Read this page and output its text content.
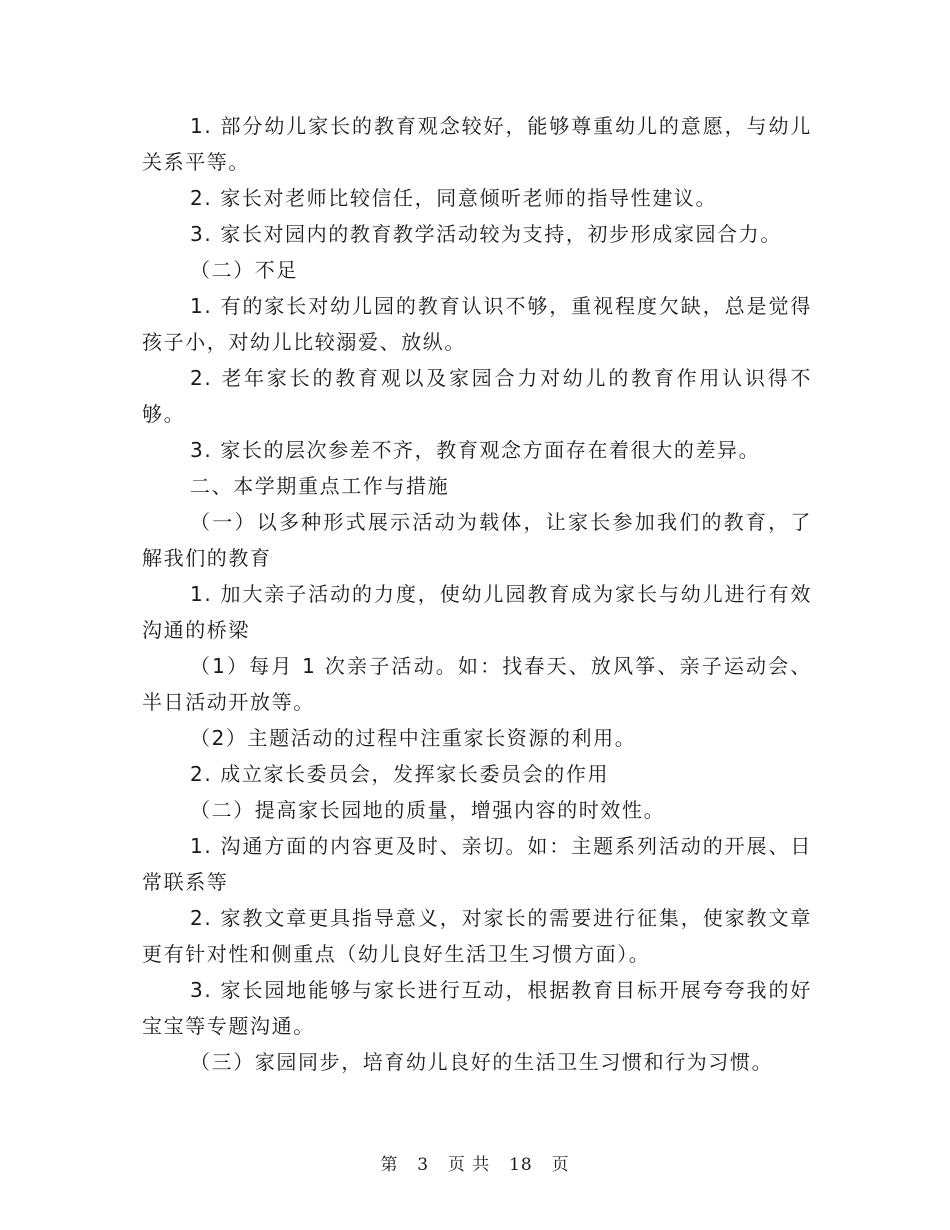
1. 部分幼儿家长的教育观念较好，能够尊重幼儿的意愿，与幼儿关系平等。

2. 家长对老师比较信任，同意倾听老师的指导性建议。

3. 家长对园内的教育教学活动较为支持，初步形成家园合力。

（二）不足

1. 有的家长对幼儿园的教育认识不够，重视程度欠缺，总是觉得孩子小，对幼儿比较溺爱、放纵。

2. 老年家长的教育观以及家园合力对幼儿的教育作用认识得不够。

3. 家长的层次参差不齐，教育观念方面存在着很大的差异。

二、本学期重点工作与措施

（一）以多种形式展示活动为载体，让家长参加我们的教育，了解我们的教育

1. 加大亲子活动的力度，使幼儿园教育成为家长与幼儿进行有效沟通的桥梁

（1）每月 1 次亲子活动。如：找春天、放风筝、亲子运动会、半日活动开放等。

（2）主题活动的过程中注重家长资源的利用。

2. 成立家长委员会，发挥家长委员会的作用

（二）提高家长园地的质量，增强内容的时效性。

1. 沟通方面的内容更及时、亲切。如：主题系列活动的开展、日常联系等

2. 家教文章更具指导意义，对家长的需要进行征集，使家教文章更有针对性和侧重点（幼儿良好生活卫生习惯方面）。

3. 家长园地能够与家长进行互动，根据教育目标开展夸夸我的好宝宝等专题沟通。

（三）家园同步，培育幼儿良好的生活卫生习惯和行为习惯。

第 3 页 共 18 页
